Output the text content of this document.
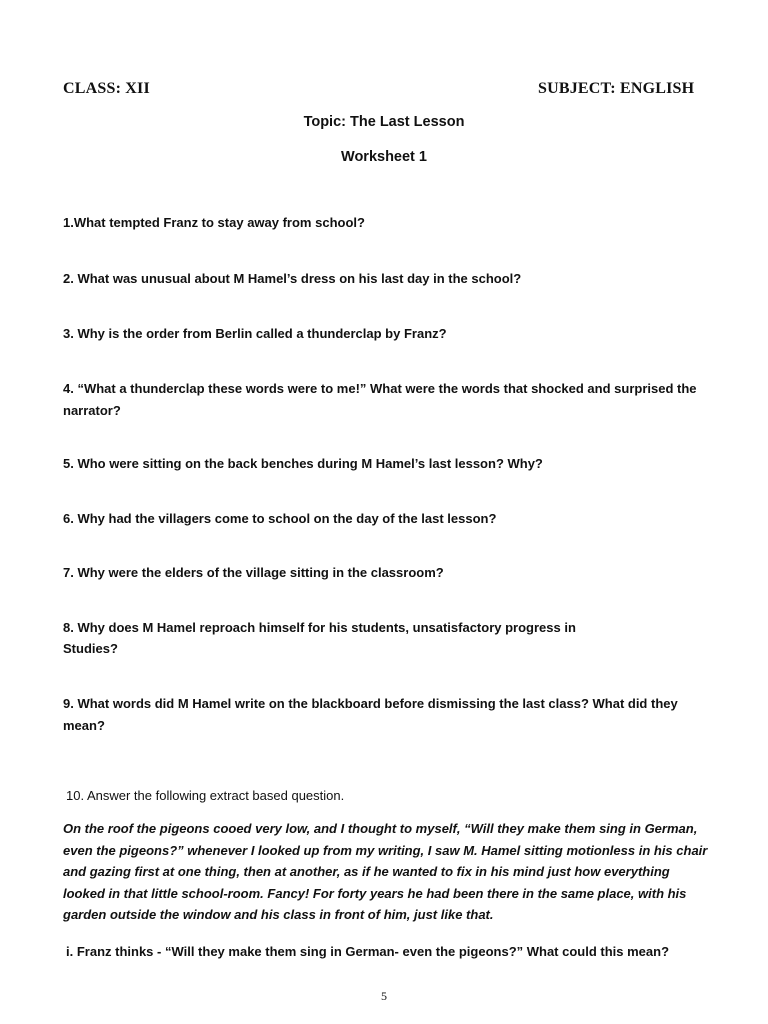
CLASS: XII	SUBJECT: ENGLISH
Topic: The Last Lesson
Worksheet 1
1.What tempted Franz to stay away from school?
2. What was unusual about M Hamel’s dress on his last day in the school?
3. Why is the order from Berlin called a thunderclap by Franz?
4. “What a thunderclap these words were to me!” What were the words that shocked and surprised the narrator?
5. Who were sitting on the back benches during M Hamel’s last lesson? Why?
6. Why had the villagers come to school on the day of the last lesson?
7. Why were the elders of the village sitting in the classroom?
8. Why does M Hamel reproach himself for his students, unsatisfactory progress in
Studies?
9. What words did M Hamel write on the blackboard before dismissing the last class? What did they mean?
10. Answer the following extract based question.
On the roof the pigeons cooed very low, and I thought to myself, “Will they make them sing in German, even the pigeons?” whenever I looked up from my writing, I saw M. Hamel sitting motionless in his chair and gazing first at one thing, then at another, as if he wanted to fix in his mind just how everything looked in that little school-room. Fancy! For forty years he had been there in the same place, with his garden outside the window and his class in front of him, just like that.
i. Franz thinks - “Will they make them sing in German- even the pigeons?” What could this mean?
5
